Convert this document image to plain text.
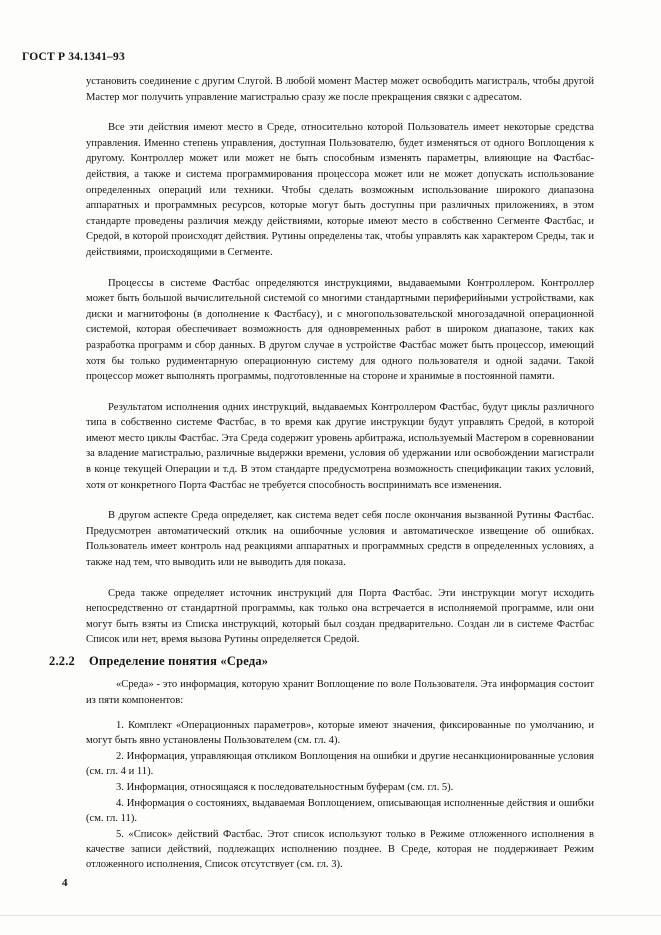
ГОСТ Р 34.1341–93

установить соединение с другим Слугой. В любой момент Мастер может освободить магистраль, чтобы другой Мастер мог получить управление магистралью сразу же после прекращения связки с адресатом.

Все эти действия имеют место в Среде, относительно которой Пользователь имеет некоторые средства управления. Именно степень управления, доступная Пользователю, будет изменяться от одного Воплощения к другому. Контроллер может или может не быть способным изменять параметры, влияющие на Фастбас-действия, а также и система программирования процессора может или не может допускать использование определенных операций или техники. Чтобы сделать возможным использование широкого диапазона аппаратных и программных ресурсов, которые могут быть доступны при различных приложениях, в этом стандарте проведены различия между действиями, которые имеют место в собственно Сегменте Фастбас, и Средой, в которой происходят действия. Рутины определены так, чтобы управлять как характером Среды, так и действиями, происходящими в Сегменте.

Процессы в системе Фастбас определяются инструкциями, выдаваемыми Контроллером. Контроллер может быть большой вычислительной системой со многими стандартными периферийными устройствами, как диски и магнитофоны (в дополнение к Фастбасу), и с многопользовательской многозадачной операционной системой, которая обеспечивает возможность для одновременных работ в широком диапазоне, таких как разработка программ и сбор данных. В другом случае в устройстве Фастбас может быть процессор, имеющий хотя бы только рудиментарную операционную систему для одного пользователя и одной задачи. Такой процессор может выполнять программы, подготовленные на стороне и хранимые в постоянной памяти.

Результатом исполнения одних инструкций, выдаваемых Контроллером Фастбас, будут циклы различного типа в собственно системе Фастбас, в то время как другие инструкции будут управлять Средой, в которой имеют место циклы Фастбас. Эта Среда содержит уровень арбитража, используемый Мастером в соревновании за владение магистралью, различные выдержки времени, условия об удержании или освобождении магистрали в конце текущей Операции и т.д. В этом стандарте предусмотрена возможность спецификации таких условий, хотя от конкретного Порта Фастбас не требуется способность воспринимать все изменения.

В другом аспекте Среда определяет, как система ведет себя после окончания вызванной Рутины Фастбас. Предусмотрен автоматический отклик на ошибочные условия и автоматическое извещение об ошибках. Пользователь имеет контроль над реакциями аппаратных и программных средств в определенных условиях, а также над тем, что выводить или не выводить для показа.

Среда также определяет источник инструкций для Порта Фастбас. Эти инструкции могут исходить непосредственно от стандартной программы, как только она встречается в исполняемой программе, или они могут быть взяты из Списка инструкций, который был создан предварительно. Создан ли в системе Фастбас Список или нет, время вызова Рутины определяется Средой.

2.2.2 Определение понятия «Среда»

«Среда» - это информация, которую хранит Воплощение по воле Пользователя. Эта информация состоит из пяти компонентов:

1. Комплект «Операционных параметров», которые имеют значения, фиксированные по умолчанию, и могут быть явно установлены Пользователем (см. гл. 4).
2. Информация, управляющая откликом Воплощения на ошибки и другие несанкционированные условия (см. гл. 4 и 11).
3. Информация, относящаяся к последовательностным буферам (см. гл. 5).
4. Информация о состояниях, выдаваемая Воплощением, описывающая исполненные действия и ошибки (см. гл. 11).
5. «Список» действий Фастбас. Этот список используют только в Режиме отложенного исполнения в качестве записи действий, подлежащих исполнению позднее. В Среде, которая не поддерживает Режим отложенного исполнения, Список отсутствует (см. гл. 3).
4
